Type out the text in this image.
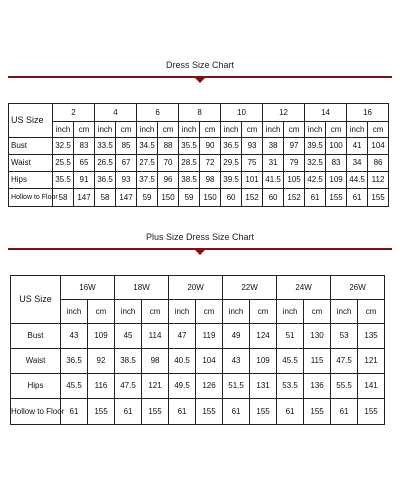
Dress Size Chart
US Size	2		4		6		8		10		12		14		16	
	inch	cm	inch	cm	inch	cm	inch	cm	inch	cm	inch	cm	inch	cm	inch	cm
Bust	32.5	83	33.5	85	34.5	88	35.5	90	36.5	93	38	97	39.5	100	41	104
Waist	25.5	65	26.5	67	27.5	70	28.5	72	29.5	75	31	79	32.5	83	34	86
Hips	35.5	91	36.5	93	37.5	96	38.5	98	39.5	101	41.5	105	42.5	109	44.5	112
Hollow to Floor	58	147	58	147	59	150	59	150	60	152	60	152	61	155	61	155
Plus Size Dress Size Chart
US Size	16W		18W		20W		22W		24W		26W	
	inch	cm	inch	cm	inch	cm	inch	cm	inch	cm	inch	cm
Bust	43	109	45	114	47	119	49	124	51	130	53	135
Waist	36.5	92	38.5	98	40.5	104	43	109	45.5	115	47.5	121
Hips	45.5	116	47.5	121	49.5	126	51.5	131	53.5	136	55.5	141
Hollow to Floor	61	155	61	155	61	155	61	155	61	155	61	155
